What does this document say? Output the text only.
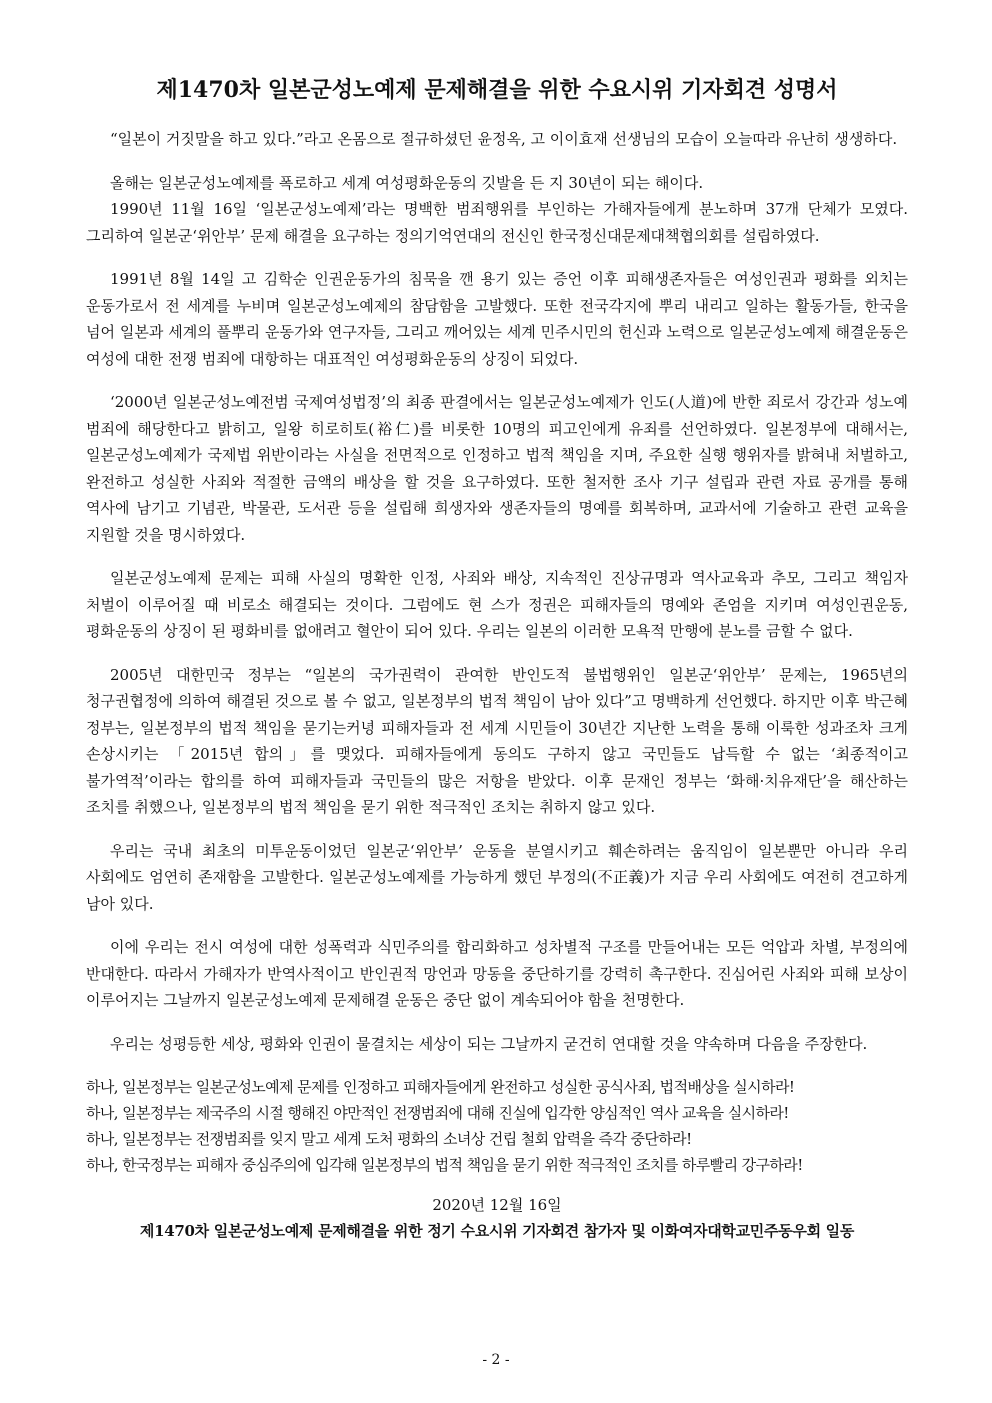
제1470차 일본군성노예제 문제해결을 위한 수요시위 기자회견 성명서

“일본이 거짓말을 하고 있다.”라고 온몸으로 절규하셨던 윤정옥, 고 이이효재 선생님의 모습이 오늘따라 유난히 생생하다.

올해는 일본군성노예제를 폭로하고 세계 여성평화운동의 깃발을 든 지 30년이 되는 해이다.

1990년 11월 16일 ‘일본군성노예제’라는 명백한 범죄행위를 부인하는 가해자들에게 분노하며 37개 단체가 모였다. 그리하여 일본군‘위안부’ 문제 해결을 요구하는 정의기억연대의 전신인 한국정신대문제대책협의회를 설립하였다.

1991년 8월 14일 고 김학순 인권운동가의 침묵을 깬 용기 있는 증언 이후 피해생존자들은 여성인권과 평화를 외치는 운동가로서 전 세계를 누비며 일본군성노예제의 참담함을 고발했다. 또한 전국각지에 뿌리 내리고 일하는 활동가들, 한국을 넘어 일본과 세계의 풀뿌리 운동가와 연구자들, 그리고 깨어있는 세계 민주시민의 헌신과 노력으로 일본군성노예제 해결운동은 여성에 대한 전쟁 범죄에 대항하는 대표적인 여성평화운동의 상징이 되었다.

‘2000년 일본군성노예전범 국제여성법정’의 최종 판결에서는 일본군성노예제가 인도(人道)에 반한 죄로서 강간과 성노예 범죄에 해당한다고 밝히고, 일왕 히로히토(裕仁)를 비롯한 10명의 피고인에게 유죄를 선언하였다. 일본정부에 대해서는, 일본군성노예제가 국제법 위반이라는 사실을 전면적으로 인정하고 법적 책임을 지며, 주요한 실행 행위자를 밝혀내 처벌하고, 완전하고 성실한 사죄와 적절한 금액의 배상을 할 것을 요구하였다. 또한 철저한 조사 기구 설립과 관련 자료 공개를 통해 역사에 남기고 기념관, 박물관, 도서관 등을 설립해 희생자와 생존자들의 명예를 회복하며, 교과서에 기술하고 관련 교육을 지원할 것을 명시하였다.

일본군성노예제 문제는 피해 사실의 명확한 인정, 사죄와 배상, 지속적인 진상규명과 역사교육과 추모, 그리고 책임자 처벌이 이루어질 때 비로소 해결되는 것이다. 그럼에도 현 스가 정권은 피해자들의 명예와 존엄을 지키며 여성인권운동, 평화운동의 상징이 된 평화비를 없애려고 혈안이 되어 있다. 우리는 일본의 이러한 모욕적 만행에 분노를 금할 수 없다.

2005년 대한민국 정부는 “일본의 국가권력이 관여한 반인도적 불법행위인 일본군‘위안부’ 문제는, 1965년의 청구권협정에 의하여 해결된 것으로 볼 수 없고, 일본정부의 법적 책임이 남아 있다”고 명백하게 선언했다. 하지만 이후 박근혜 정부는, 일본정부의 법적 책임을 묻기는커녕 피해자들과 전 세계 시민들이 30년간 지난한 노력을 통해 이룩한 성과조차 크게 손상시키는 「2015년 합의」를 맺었다. 피해자들에게 동의도 구하지 않고 국민들도 납득할 수 없는 ‘최종적이고 불가역적’이라는 합의를 하여 피해자들과 국민들의 많은 저항을 받았다. 이후 문재인 정부는 ‘화해·치유재단’을 해산하는 조치를 취했으나, 일본정부의 법적 책임을 묻기 위한 적극적인 조치는 취하지 않고 있다.

우리는 국내 최초의 미투운동이었던 일본군‘위안부’ 운동을 분열시키고 훼손하려는 움직임이 일본뿐만 아니라 우리 사회에도 엄연히 존재함을 고발한다. 일본군성노예제를 가능하게 했던 부정의(不正義)가 지금 우리 사회에도 여전히 견고하게 남아 있다.

이에 우리는 전시 여성에 대한 성폭력과 식민주의를 합리화하고 성차별적 구조를 만들어내는 모든 억압과 차별, 부정의에 반대한다. 따라서 가해자가 반역사적이고 반인권적 망언과 망동을 중단하기를 강력히 촉구한다. 진심어린 사죄와 피해 보상이 이루어지는 그날까지 일본군성노예제 문제해결 운동은 중단 없이 계속되어야 함을 천명한다.

우리는 성평등한 세상, 평화와 인권이 물결치는 세상이 되는 그날까지 굳건히 연대할 것을 약속하며 다음을 주장한다.

하나, 일본정부는 일본군성노예제 문제를 인정하고 피해자들에게 완전하고 성실한 공식사죄, 법적배상을 실시하라!
하나, 일본정부는 제국주의 시절 행해진 야만적인 전쟁범죄에 대해 진실에 입각한 양심적인 역사 교육을 실시하라!
하나, 일본정부는 전쟁범죄를 잊지 말고 세계 도처 평화의 소녀상 건립 철회 압력을 즉각 중단하라!
하나, 한국정부는 피해자 중심주의에 입각해 일본정부의 법적 책임을 묻기 위한 적극적인 조치를 하루빨리 강구하라!
2020년 12월 16일
제1470차 일본군성노예제 문제해결을 위한 정기 수요시위 기자회견 참가자 및 이화여자대학교민주동우회 일동
- 2 -
